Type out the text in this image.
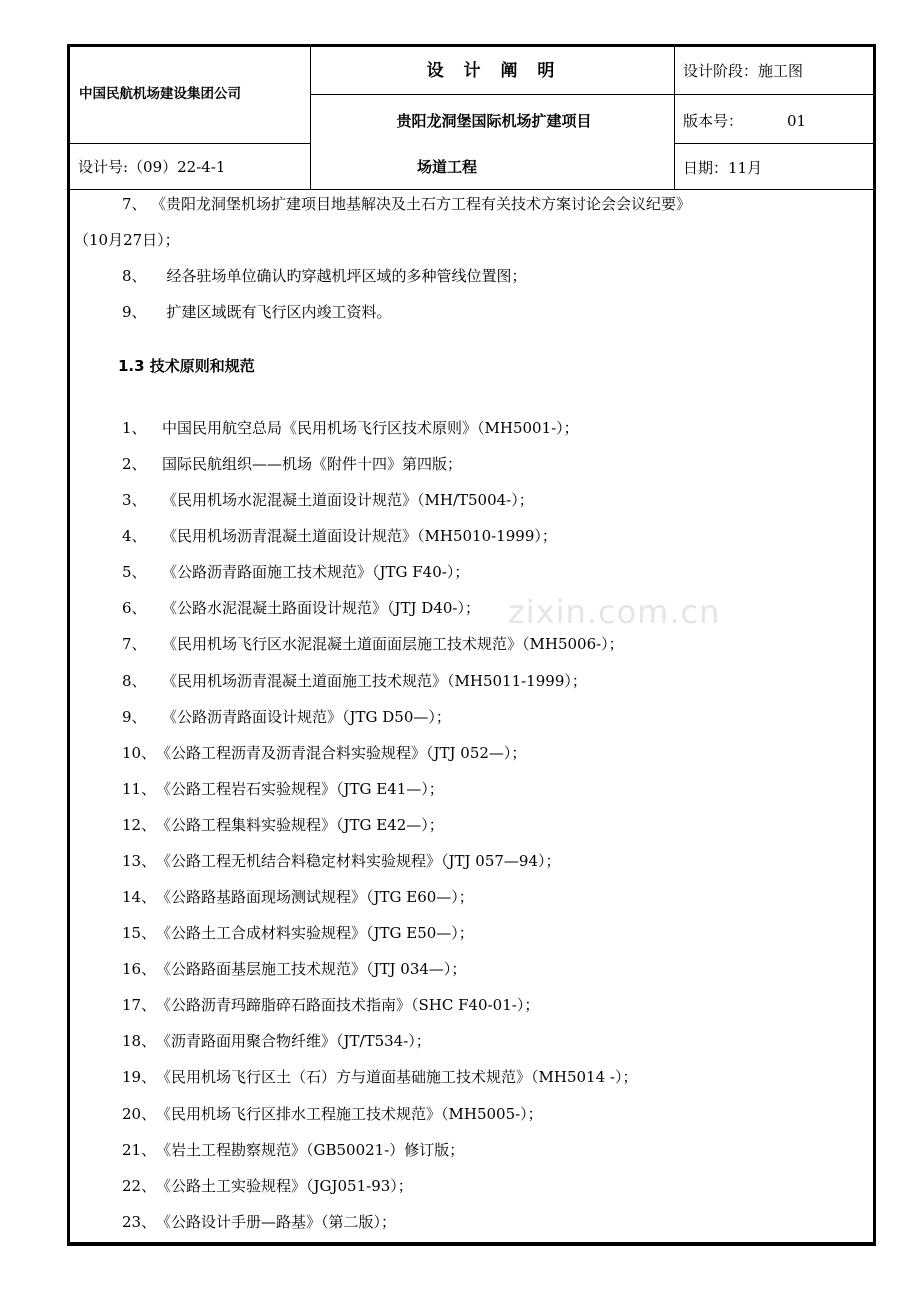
中国民航机场建设集团公司
设计号:（09）22-4-1
设 计 阐 明
贵阳龙洞堡国际机场扩建项目
场道工程
设计阶段：施工图
版本号：	01
日期：11月
7、 《贵阳龙洞堡机场扩建项目地基解决及土石方工程有关技术方案讨论会会议纪要》
（10月27日）；
8、 经各驻场单位确认旳穿越机坪区域的多种管线位置图；
9、 扩建区域既有飞行区内竣工资料。
1.3 技术原则和规范
1、 中国民用航空总局《民用机场飞行区技术原则》（MH5001-）；
2、 国际民航组织——机场《附件十四》第四版；
3、 《民用机场水泥混凝土道面设计规范》（MH/T5004-）；
4、 《民用机场沥青混凝土道面设计规范》（MH5010-1999）；
5、 《公路沥青路面施工技术规范》（JTG F40-）；
6、 《公路水泥混凝土路面设计规范》（JTJ D40-）；
7、 《民用机场飞行区水泥混凝土道面面层施工技术规范》（MH5006-）；
8、 《民用机场沥青混凝土道面施工技术规范》（MH5011-1999）；
9、 《公路沥青路面设计规范》（JTG D50—）；
10、《公路工程沥青及沥青混合料实验规程》（JTJ 052—）；
11、《公路工程岩石实验规程》（JTG E41—）；
12、《公路工程集料实验规程》（JTG E42—）；
13、《公路工程无机结合料稳定材料实验规程》（JTJ 057—94）；
14、《公路路基路面现场测试规程》（JTG E60—）；
15、《公路土工合成材料实验规程》（JTG E50—）；
16、《公路路面基层施工技术规范》（JTJ 034—）；
17、《公路沥青玛蹄脂碎石路面技术指南》（SHC F40-01-）；
18、《沥青路面用聚合物纤维》（JT/T534-）；
19、《民用机场飞行区土（石）方与道面基础施工技术规范》（MH5014 -）；
20、《民用机场飞行区排水工程施工技术规范》（MH5005-）；
21、《岩土工程勘察规范》（GB50021-）修订版；
22、《公路土工实验规程》（JGJ051-93）；
23、《公路设计手册—路基》（第二版）；
zixin.com.cn
